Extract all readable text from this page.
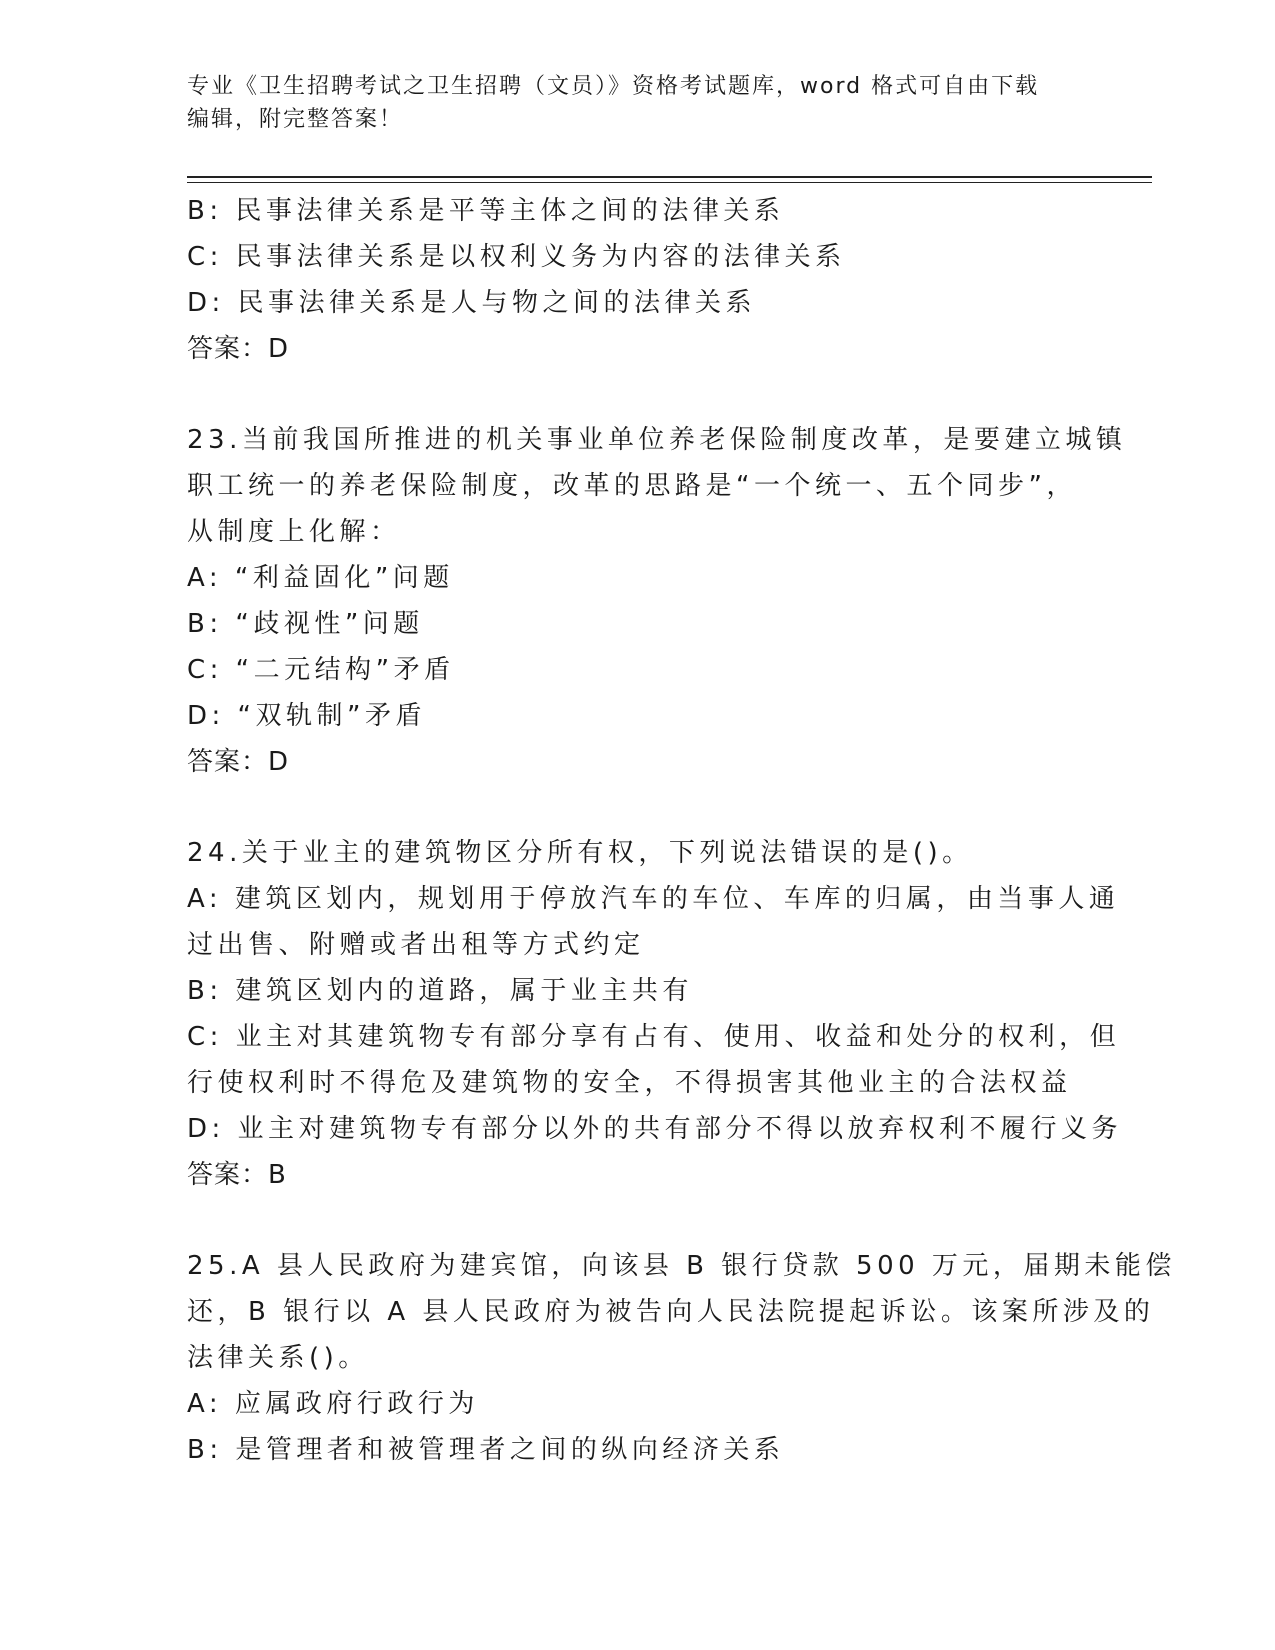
专业《卫生招聘考试之卫生招聘（文员）》资格考试题库，word 格式可自由下载
编辑，附完整答案！
B: 民事法律关系是平等主体之间的法律关系
C: 民事法律关系是以权利义务为内容的法律关系
D: 民事法律关系是人与物之间的法律关系
答案：D
23.当前我国所推进的机关事业单位养老保险制度改革，是要建立城镇
职工统一的养老保险制度，改革的思路是“一个统一、五个同步”，
从制度上化解：
A: “利益固化”问题
B: “歧视性”问题
C: “二元结构”矛盾
D: “双轨制”矛盾
答案：D
24.关于业主的建筑物区分所有权，下列说法错误的是()。
A: 建筑区划内，规划用于停放汽车的车位、车库的归属，由当事人通
过出售、附赠或者出租等方式约定
B: 建筑区划内的道路，属于业主共有
C: 业主对其建筑物专有部分享有占有、使用、收益和处分的权利，但
行使权利时不得危及建筑物的安全，不得损害其他业主的合法权益
D: 业主对建筑物专有部分以外的共有部分不得以放弃权利不履行义务
答案：B
25.A 县人民政府为建宾馆，向该县 B 银行贷款 500 万元，届期未能偿
还，B 银行以 A 县人民政府为被告向人民法院提起诉讼。该案所涉及的
法律关系()。
A: 应属政府行政行为
B: 是管理者和被管理者之间的纵向经济关系
